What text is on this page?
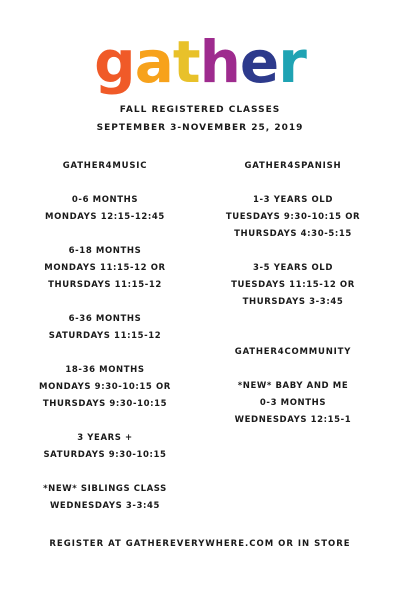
gather
FALL REGISTERED CLASSES
SEPTEMBER 3-NOVEMBER 25, 2019
GATHER4MUSIC
0-6 MONTHS
MONDAYS 12:15-12:45
6-18 MONTHS
MONDAYS 11:15-12 OR
THURSDAYS 11:15-12
6-36 MONTHS
SATURDAYS 11:15-12
18-36 MONTHS
MONDAYS 9:30-10:15 OR
THURSDAYS 9:30-10:15
3 YEARS +
SATURDAYS 9:30-10:15
*NEW* SIBLINGS CLASS
WEDNESDAYS 3-3:45
GATHER4SPANISH
1-3 YEARS OLD
TUESDAYS 9:30-10:15 OR
THURSDAYS 4:30-5:15
3-5 YEARS OLD
TUESDAYS 11:15-12 OR
THURSDAYS 3-3:45
GATHER4COMMUNITY
*NEW* BABY AND ME
0-3 MONTHS
WEDNESDAYS 12:15-1
REGISTER AT GATHEREVERYWHERE.COM OR IN STORE
